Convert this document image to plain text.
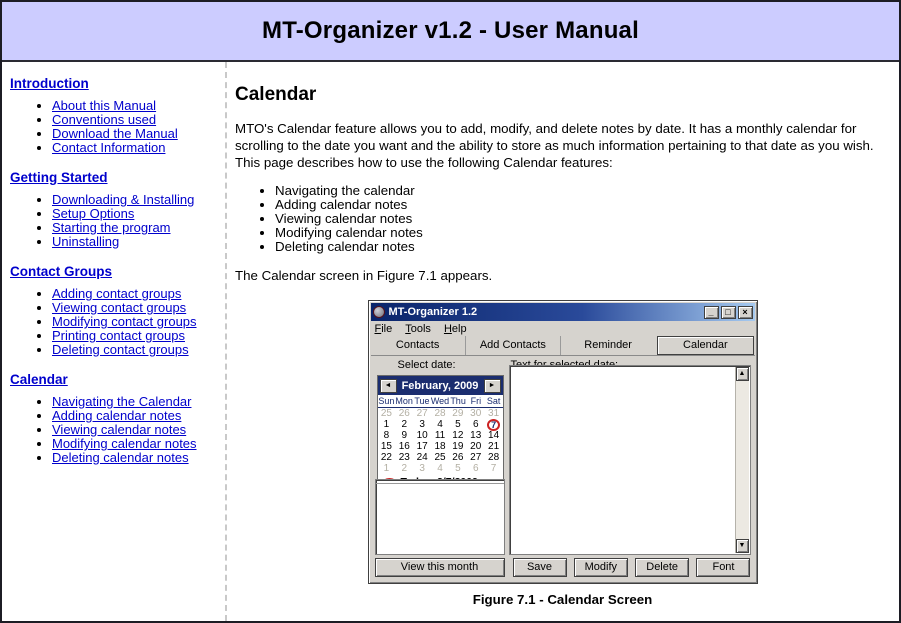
MT-Organizer v1.2 - User Manual
Introduction
• About this Manual
• Conventions used
• Download the Manual
• Contact Information
Getting Started
• Downloading & Installing
• Setup Options
• Starting the program
• Uninstalling
Contact Groups
• Adding contact groups
• Viewing contact groups
• Modifying contact groups
• Printing contact groups
• Deleting contact groups
Calendar
• Navigating the Calendar
• Adding calendar notes
• Viewing calendar notes
• Modifying calendar notes
• Deleting calendar notes
Calendar

MTO's Calendar feature allows you to add, modify, and delete notes by date. It has a monthly calendar for scrolling to the date you want and the ability to store as much information pertaining to that date as you wish. This page describes how to use the following Calendar features:

• Navigating the calendar
• Adding calendar notes
• Viewing calendar notes
• Modifying calendar notes
• Deleting calendar notes

The Calendar screen in Figure 7.1 appears.

MT-Organizer 1.2	_	□	×
File Tools Help
Contacts	Add Contacts	Reminder	Calendar
Select date:
◄ February, 2009	►
Sun Mon Tue Wed Thu Fri Sat
25 26 27 28 29 30 31
1	2	3	4	5	6	7
8	9 10 11 12 13 14
15 16 17 18 19 20 21
22 23 24 25 26 27 28
1	2	3	4	5	6	7
▲
▼
View this month	Save	Modify	Delete	Font
Figure 7.1 - Calendar Screen
